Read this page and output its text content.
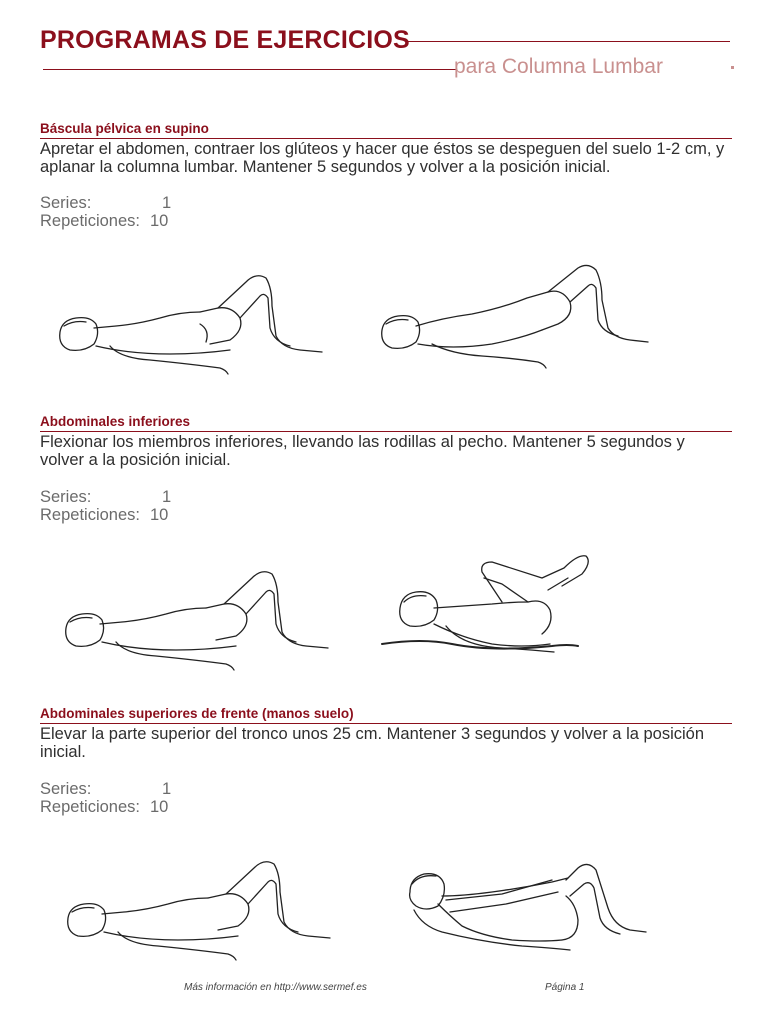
PROGRAMAS DE EJERCICIOS
para Columna Lumbar
Báscula pélvica en supino
Apretar el abdomen, contraer los glúteos y hacer que éstos se despeguen del suelo 1-2 cm, y aplanar la columna lumbar. Mantener 5 segundos y volver a la posición inicial.
Series:	1
Repeticiones: 10
Abdominales inferiores
Flexionar los miembros inferiores, llevando las rodillas al pecho. Mantener 5 segundos y volver a la posición inicial.
Series:	1
Repeticiones: 10
Abdominales superiores de frente (manos suelo)
Elevar la parte superior del tronco unos 25 cm. Mantener 3 segundos y volver a la posición inicial.
Series:	1
Repeticiones: 10
Más información en http://www.sermef.es	Página 1
